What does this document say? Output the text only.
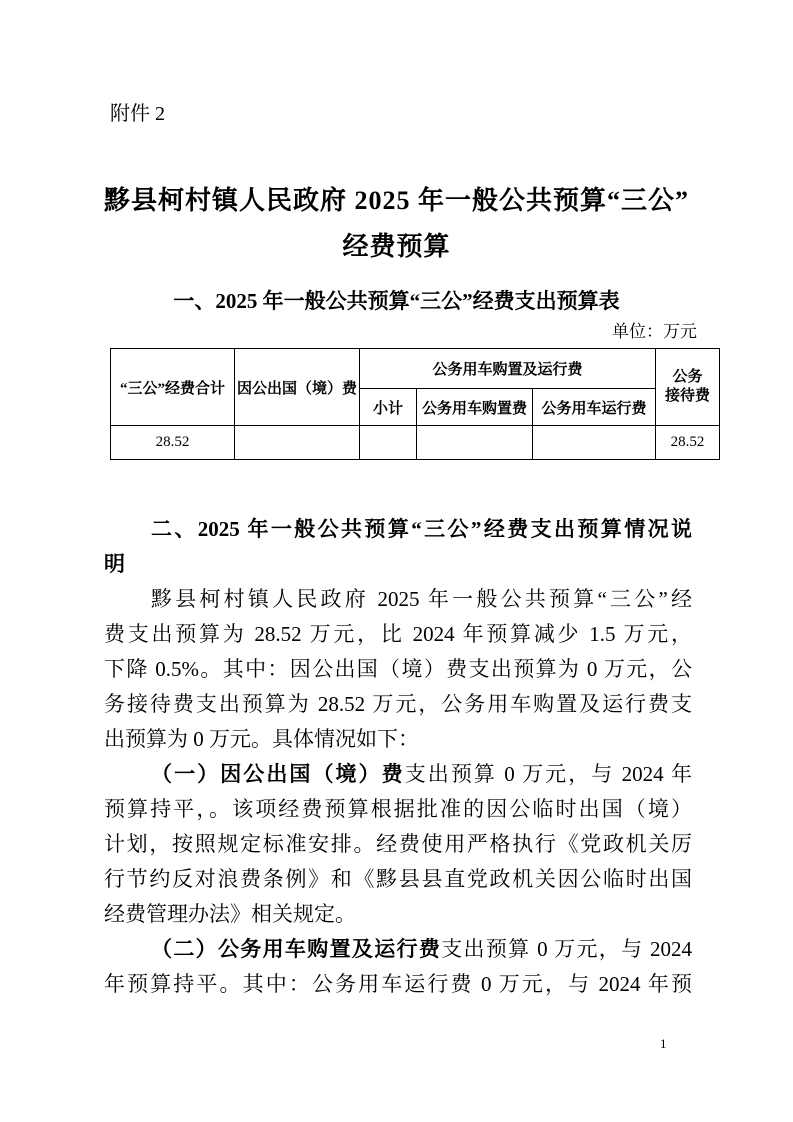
附件 2
黟县柯村镇人民政府 2025 年一般公共预算“三公”
经费预算
一、2025 年一般公共预算“三公”经费支出预算表
单位：万元
“三公”经费合计	因公出国（境）费	公务用车购置及运行费			公务
接待费

		小计	公务用车购置费	公务用车运行费	
28.52					28.52
二、2025 年一般公共预算“三公”经费支出预算情况说
明
黟县柯村镇人民政府 2025 年一般公共预算“三公”经
费支出预算为 28.52 万元，比 2024 年预算减少 1.5 万元，
下降 0.5%。其中：因公出国（境）费支出预算为 0 万元，公
务接待费支出预算为 28.52 万元，公务用车购置及运行费支
出预算为 0 万元。具体情况如下：
（一）因公出国（境）费支出预算 0 万元，与 2024 年
预算持平，。该项经费预算根据批准的因公临时出国（境）
计划，按照规定标准安排。经费使用严格执行《党政机关厉
行节约反对浪费条例》和《黟县县直党政机关因公临时出国
经费管理办法》相关规定。
（二）公务用车购置及运行费支出预算 0 万元，与 2024
年预算持平。其中：公务用车运行费 0 万元，与 2024 年预
1
